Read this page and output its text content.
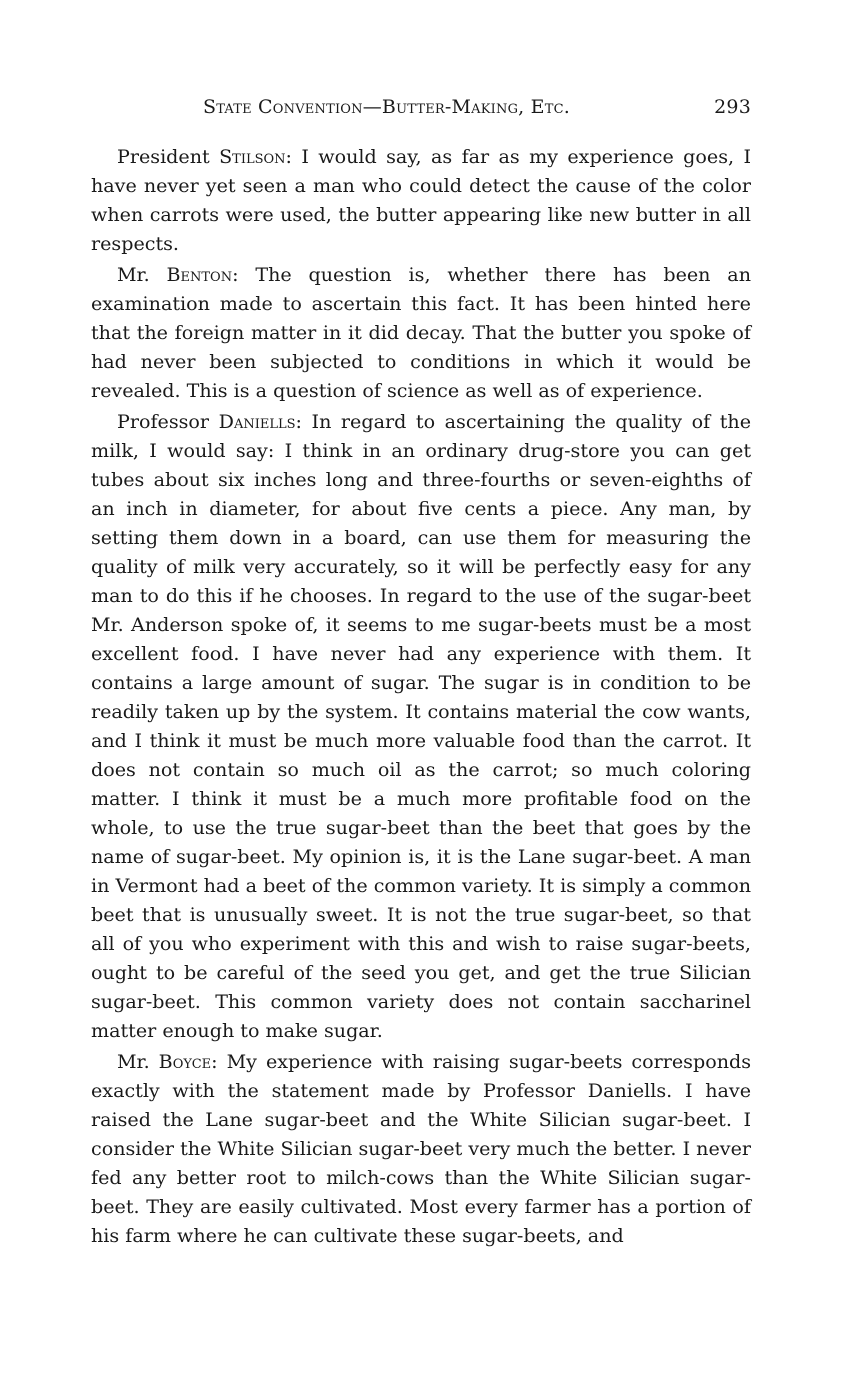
State Convention—Butter-Making, Etc.	293

President Stilson: I would say, as far as my experience goes, I have never yet seen a man who could detect the cause of the color when carrots were used, the butter appearing like new butter in all respects.

Mr. Benton: The question is, whether there has been an examination made to ascertain this fact. It has been hinted here that the foreign matter in it did decay. That the butter you spoke of had never been subjected to conditions in which it would be revealed. This is a question of science as well as of experience.

Professor Daniells: In regard to ascertaining the quality of the milk, I would say: I think in an ordinary drug-store you can get tubes about six inches long and three-fourths or seven-eighths of an inch in diameter, for about five cents a piece. Any man, by setting them down in a board, can use them for measuring the quality of milk very accurately, so it will be perfectly easy for any man to do this if he chooses. In regard to the use of the sugar-beet Mr. Anderson spoke of, it seems to me sugar-beets must be a most excellent food. I have never had any experience with them. It contains a large amount of sugar. The sugar is in condition to be readily taken up by the system. It contains material the cow wants, and I think it must be much more valuable food than the carrot. It does not contain so much oil as the carrot; so much coloring matter. I think it must be a much more profitable food on the whole, to use the true sugar-beet than the beet that goes by the name of sugar-beet. My opinion is, it is the Lane sugar-beet. A man in Vermont had a beet of the common variety. It is simply a common beet that is unusually sweet. It is not the true sugar-beet, so that all of you who experiment with this and wish to raise sugar-beets, ought to be careful of the seed you get, and get the true Silician sugar-beet. This common variety does not contain saccharinel matter enough to make sugar.

Mr. Boyce: My experience with raising sugar-beets corresponds exactly with the statement made by Professor Daniells. I have raised the Lane sugar-beet and the White Silician sugar-beet. I consider the White Silician sugar-beet very much the better. I never fed any better root to milch-cows than the White Silician sugar-beet. They are easily cultivated. Most every farmer has a portion of his farm where he can cultivate these sugar-beets, and
